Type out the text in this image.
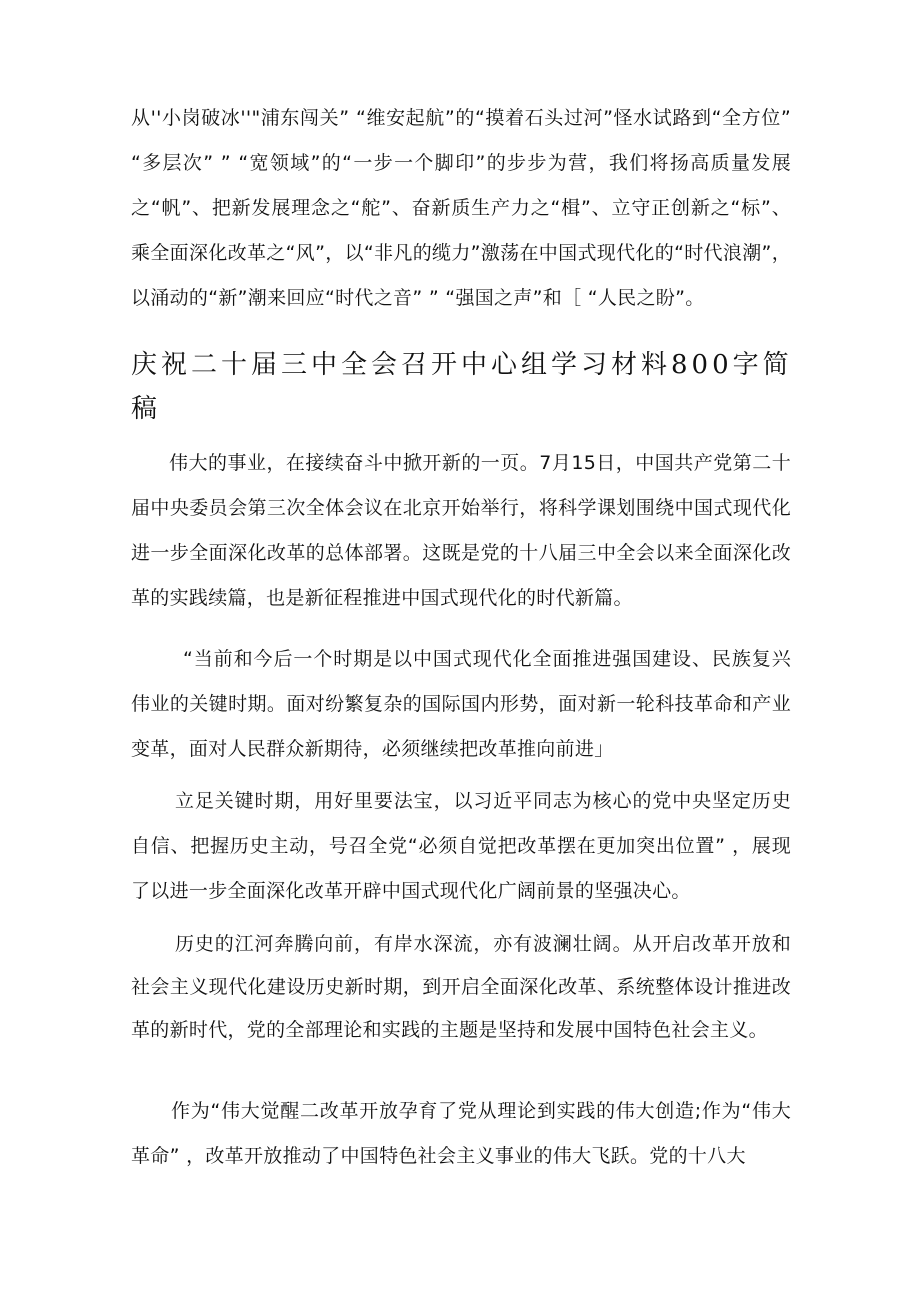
从''小岗破冰''"浦东闯关” “维安起航”的“摸着石头过河”怪水试路到“全方位” “多层次” ” “宽领域”的“一步一个脚印”的步步为营，我们将扬高质量发展之“帆”、把新发展理念之“舵”、奋新质生产力之“楫”、立守正创新之“标”、乘全面深化改革之“风”，以“非凡的缆力”激荡在中国式现代化的“时代浪潮”，以涌动的“新”潮来回应“时代之音” ” “强国之声”和［ “人民之盼”。

庆祝二十届三中全会召开中心组学习材料800字简稿

伟大的事业，在接续奋斗中掀开新的一页。7月15日，中国共产党第二十届中央委员会第三次全体会议在北京开始举行，将科学课划围绕中国式现代化进一步全面深化改革的总体部署。这既是党的十八届三中全会以来全面深化改革的实践续篇，也是新征程推进中国式现代化的时代新篇。

“当前和今后一个时期是以中国式现代化全面推进强国建设、民族复兴伟业的关键时期。面对纷繁复杂的国际国内形势，面对新一轮科技革命和产业变革，面对人民群众新期待，必须继续把改革推向前进」

立足关键时期，用好里要法宝，以习近平同志为核心的党中央坚定历史自信、把握历史主动，号召全党“必须自觉把改革摆在更加突出位置” ，展现了以进一步全面深化改革开辟中国式现代化广阔前景的坚强决心。

历史的江河奔腾向前，有岸水深流，亦有波澜壮阔。从开启改革开放和社会主义现代化建设历史新时期，到开启全面深化改革、系统整体设计推进改革的新时代，党的全部理论和实践的主题是坚持和发展中国特色社会主义。

作为“伟大觉醒二改革开放孕育了党从理论到实践的伟大创造;作为“伟大革命” ，改革开放推动了中国特色社会主义事业的伟大飞跃。党的十八大
